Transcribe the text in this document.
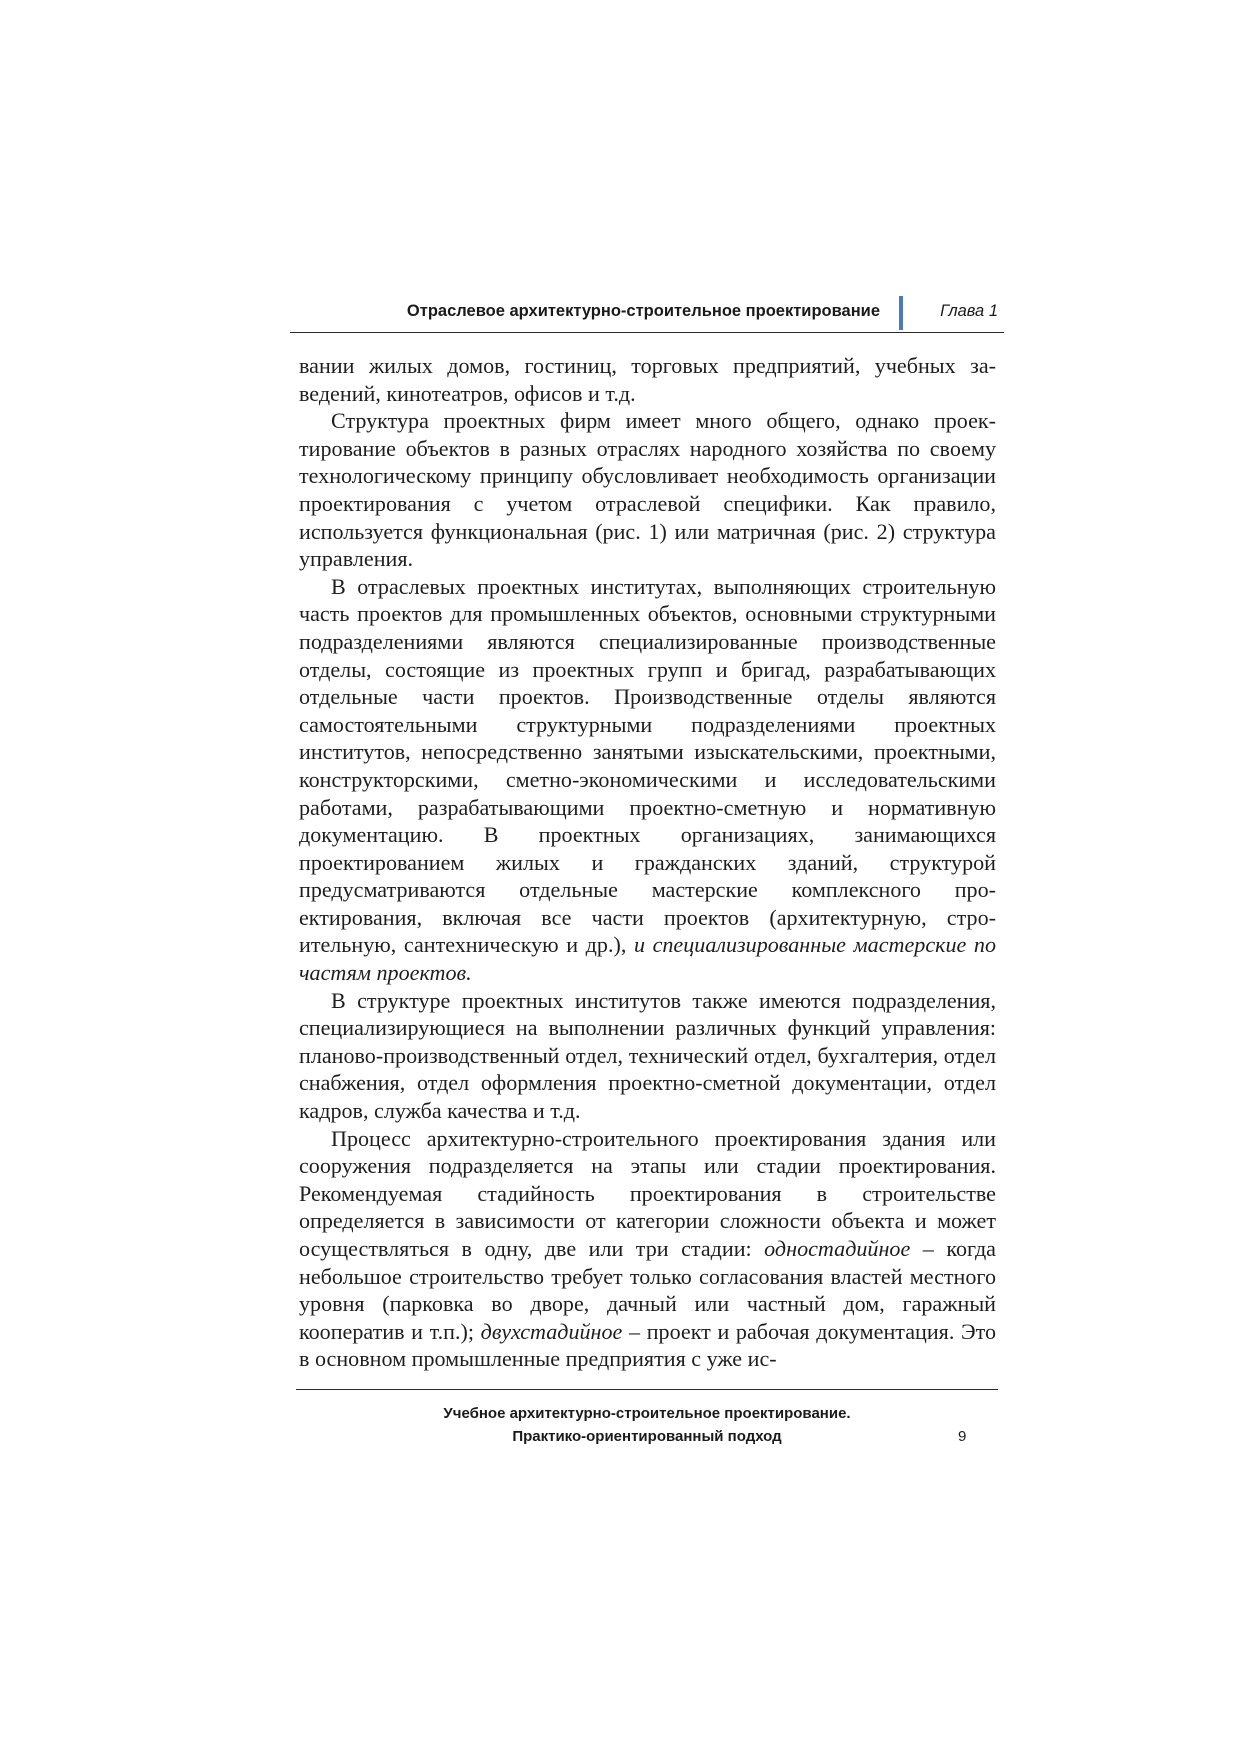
Отраслевое архитектурно-строительное проектирование	Глава 1

вании жилых домов, гостиниц, торговых предприятий, учебных заведений, кинотеатров, офисов и т.д.

Структура проектных фирм имеет много общего, однако проектирование объектов в разных отраслях народного хозяйства по своему технологическому принципу обусловливает необходимость организации проектирования с учетом отраслевой специфики. Как правило, используется функциональная (рис. 1) или матричная (рис. 2) структура управления.

В отраслевых проектных институтах, выполняющих строительную часть проектов для промышленных объектов, основными структурными подразделениями являются специализированные производственные отделы, состоящие из проектных групп и бригад, разрабатывающих отдельные части проектов. Производственные отделы являются самостоятельными структурными подразделениями проектных институтов, непосредственно занятыми изыскательскими, проектными, конструкторскими, сметно-экономическими и исследовательскими работами, разрабатывающими проектно-сметную и нормативную документацию. В проектных организациях, занимающихся проектированием жилых и гражданских зданий, структурой предусматриваются отдельные мастерские комплексного проектирования, включая все части проектов (архитектурную, строительную, сантехническую и др.), и специализированные мастерские по частям проектов.

В структуре проектных институтов также имеются подразделения, специализирующиеся на выполнении различных функций управления: планово-производственный отдел, технический отдел, бухгалтерия, отдел снабжения, отдел оформления проектно-сметной документации, отдел кадров, служба качества и т.д.

Процесс архитектурно-строительного проектирования здания или сооружения подразделяется на этапы или стадии проектирования. Рекомендуемая стадийность проектирования в строительстве определяется в зависимости от категории сложности объекта и может осуществляться в одну, две или три стадии: одностадийное – когда небольшое строительство требует только согласования властей местного уровня (парковка во дворе, дачный или частный дом, гаражный кооператив и т.п.); двухстадийное – проект и рабочая документация. Это в основном промышленные предприятия с уже ис-

Учебное архитектурно-строительное проектирование.
Практико-ориентированный подход	9
